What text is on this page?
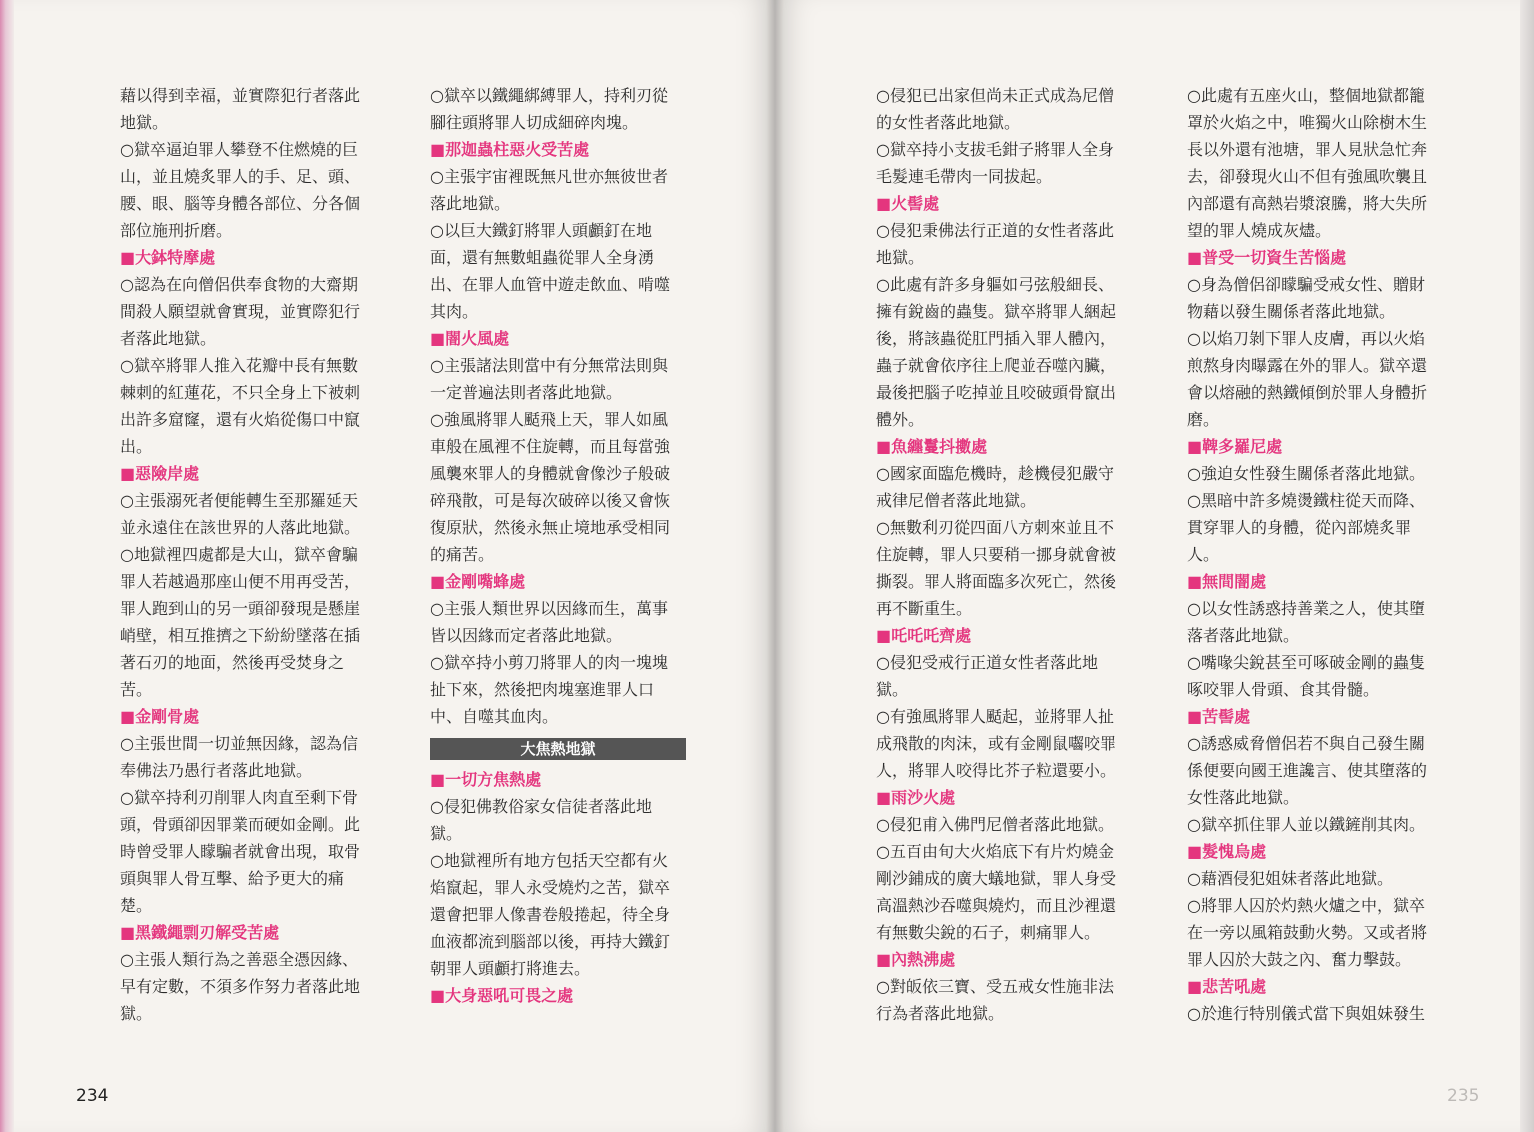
藉以得到幸福，並實際犯行者落此
地獄。
○獄卒逼迫罪人攀登不住燃燒的巨
山，並且燒炙罪人的手、足、頭、
腰、眼、腦等身體各部位、分各個
部位施刑折磨。
■大鉢特摩處
○認為在向僧侶供奉食物的大齋期
間殺人願望就會實現，並實際犯行
者落此地獄。
○獄卒將罪人推入花瓣中長有無數
棘刺的紅蓮花，不只全身上下被刺
出許多窟窿，還有火焰從傷口中竄
出。
■惡險岸處
○主張溺死者便能轉生至那羅延天
並永遠住在該世界的人落此地獄。
○地獄裡四處都是大山，獄卒會騙
罪人若越過那座山便不用再受苦，
罪人跑到山的另一頭卻發現是懸崖
峭壁，相互推擠之下紛紛墜落在插
著石刃的地面，然後再受焚身之
苦。
■金剛骨處
○主張世間一切並無因緣，認為信
奉佛法乃愚行者落此地獄。
○獄卒持利刃削罪人肉直至剩下骨
頭，骨頭卻因罪業而硬如金剛。此
時曾受罪人矇騙者就會出現，取骨
頭與罪人骨互擊、給予更大的痛
楚。
■黑鐵繩剽刃解受苦處
○主張人類行為之善惡全憑因緣、
早有定數，不須多作努力者落此地
獄。
○獄卒以鐵繩綁縛罪人，持利刃從
腳往頭將罪人切成細碎肉塊。
■那迦蟲柱惡火受苦處
○主張宇宙裡既無凡世亦無彼世者
落此地獄。
○以巨大鐵釘將罪人頭顱釘在地
面，還有無數蛆蟲從罪人全身湧
出、在罪人血管中遊走飲血、啃噬
其肉。
■闇火風處
○主張諸法則當中有分無常法則與
一定普遍法則者落此地獄。
○強風將罪人颳飛上天，罪人如風
車般在風裡不住旋轉，而且每當強
風襲來罪人的身體就會像沙子般破
碎飛散，可是每次破碎以後又會恢
復原狀，然後永無止境地承受相同
的痛苦。
■金剛嘴蜂處
○主張人類世界以因緣而生，萬事
皆以因緣而定者落此地獄。
○獄卒持小剪刀將罪人的肉一塊塊
扯下來，然後把肉塊塞進罪人口
中、自噬其血肉。
大焦熱地獄
■一切方焦熱處
○侵犯佛教俗家女信徒者落此地
獄。
○地獄裡所有地方包括天空都有火
焰竄起，罪人永受燒灼之苦，獄卒
還會把罪人像書卷般捲起，待全身
血液都流到腦部以後，再持大鐵釘
朝罪人頭顱打將進去。
■大身惡吼可畏之處
234
○侵犯已出家但尚未正式成為尼僧
的女性者落此地獄。
○獄卒持小支拔毛鉗子將罪人全身
毛髮連毛帶肉一同拔起。
■火髻處
○侵犯秉佛法行正道的女性者落此
地獄。
○此處有許多身軀如弓弦般細長、
擁有銳齒的蟲隻。獄卒將罪人綑起
後，將該蟲從肛門插入罪人體內，
蟲子就會依序往上爬並吞噬內臟，
最後把腦子吃掉並且咬破頭骨竄出
體外。
■魚纏鬘抖擻處
○國家面臨危機時，趁機侵犯嚴守
戒律尼僧者落此地獄。
○無數利刃從四面八方刺來並且不
住旋轉，罪人只要稍一挪身就會被
撕裂。罪人將面臨多次死亡，然後
再不斷重生。
■吒吒吒齊處
○侵犯受戒行正道女性者落此地
獄。
○有強風將罪人颳起，並將罪人扯
成飛散的肉沫，或有金剛鼠囓咬罪
人，將罪人咬得比芥子粒還要小。
■雨沙火處
○侵犯甫入佛門尼僧者落此地獄。
○五百由旬大火焰底下有片灼燒金
剛沙鋪成的廣大蟻地獄，罪人身受
高溫熱沙吞噬與燒灼，而且沙裡還
有無數尖銳的石子，刺痛罪人。
■內熱沸處
○對皈依三寶、受五戒女性施非法
行為者落此地獄。
○此處有五座火山，整個地獄都籠
罩於火焰之中，唯獨火山除樹木生
長以外還有池塘，罪人見狀急忙奔
去，卻發現火山不但有強風吹襲且
內部還有高熱岩漿滾騰，將大失所
望的罪人燒成灰燼。
■普受一切資生苦惱處
○身為僧侶卻矇騙受戒女性、贈財
物藉以發生關係者落此地獄。
○以焰刀剝下罪人皮膚，再以火焰
煎熬身肉曝露在外的罪人。獄卒還
會以熔融的熱鐵傾倒於罪人身體折
磨。
■鞞多羅尼處
○強迫女性發生關係者落此地獄。
○黑暗中許多燒燙鐵柱從天而降、
貫穿罪人的身體，從內部燒炙罪
人。
■無間闇處
○以女性誘惑持善業之人，使其墮
落者落此地獄。
○嘴喙尖銳甚至可啄破金剛的蟲隻
啄咬罪人骨頭、食其骨髓。
■苦髻處
○誘惑威脅僧侶若不與自己發生關
係便要向國王進讒言、使其墮落的
女性落此地獄。
○獄卒抓住罪人並以鐵鏟削其肉。
■髮愧烏處
○藉酒侵犯姐妹者落此地獄。
○將罪人囚於灼熱火爐之中，獄卒
在一旁以風箱鼓動火勢。又或者將
罪人囚於大鼓之內、奮力擊鼓。
■悲苦吼處
○於進行特別儀式當下與姐妹發生
235
